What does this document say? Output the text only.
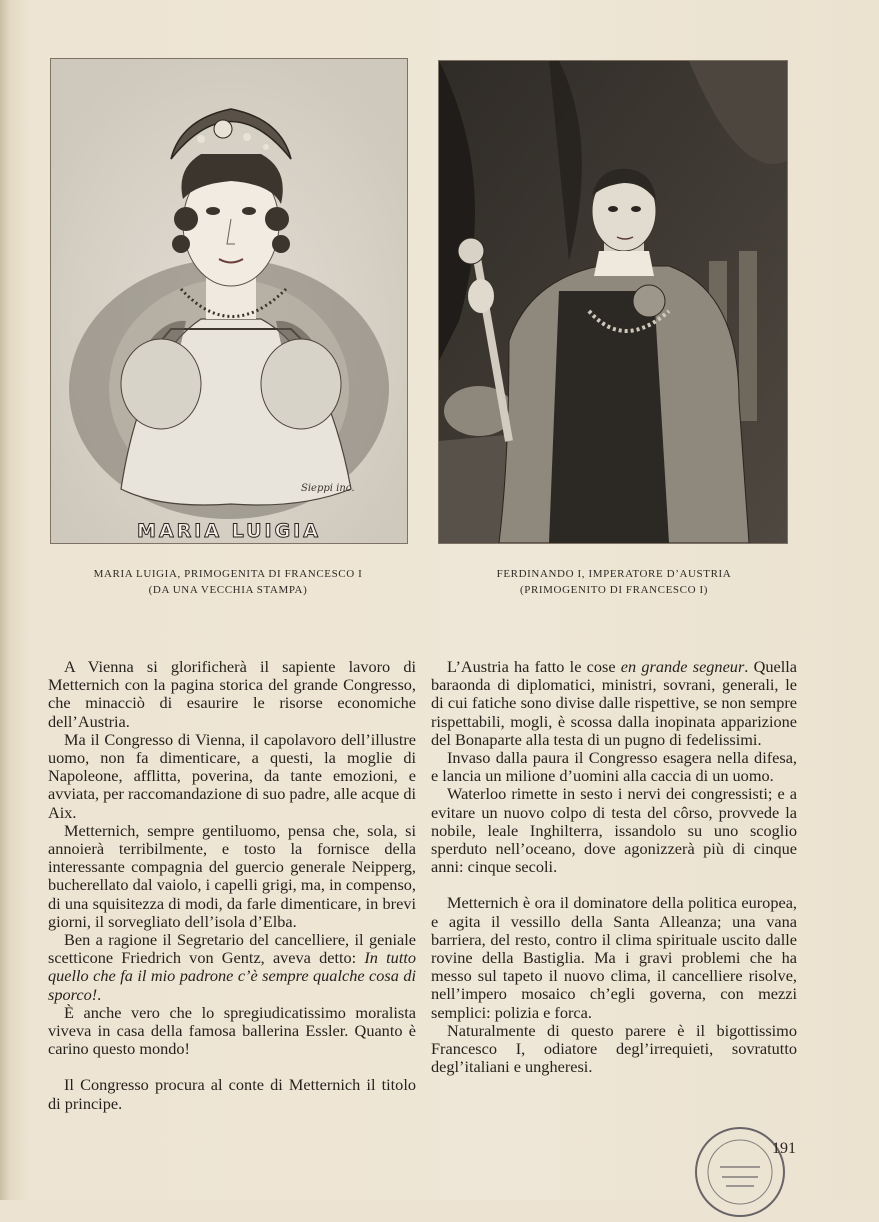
Sieppi inc.
MARIA LUIGIA
MARIA LUIGIA, PRIMOGENITA DI FRANCESCO I
(DA UNA VECCHIA STAMPA)
FERDINANDO I, IMPERATORE D’AUSTRIA
(PRIMOGENITO DI FRANCESCO I)

A Vienna si glorificherà il sapiente lavoro di Metternich con la pagina storica del grande Congresso, che minacciò di esaurire le risorse economiche dell’Austria.

Ma il Congresso di Vienna, il capolavoro dell’illustre uomo, non fa dimenticare, a questi, la moglie di Napoleone, afflitta, poverina, da tante emozioni, e avviata, per raccomandazione di suo padre, alle acque di Aix.

Metternich, sempre gentiluomo, pensa che, sola, si annoierà terribilmente, e tosto la fornisce della interessante compagnia del guercio generale Neipperg, bucherellato dal vaiolo, i capelli grigi, ma, in compenso, di una squisitezza di modi, da farle dimenticare, in brevi giorni, il sorvegliato dell’isola d’Elba.

Ben a ragione il Segretario del cancelliere, il geniale scetticone Friedrich von Gentz, aveva detto: In tutto quello che fa il mio padrone c’è sempre qualche cosa di sporco!.

È anche vero che lo spregiudicatissimo moralista viveva in casa della famosa ballerina Essler. Quanto è carino questo mondo!

Il Congresso procura al conte di Metternich il titolo di principe.

L’Austria ha fatto le cose en grande segneur. Quella baraonda di diplomatici, ministri, sovrani, generali, le di cui fatiche sono divise dalle rispettive, se non sempre rispettabili, mogli, è scossa dalla inopinata apparizione del Bonaparte alla testa di un pugno di fedelissimi.

Invaso dalla paura il Congresso esagera nella difesa, e lancia un milione d’uomini alla caccia di un uomo.

Waterloo rimette in sesto i nervi dei congressisti; e a evitare un nuovo colpo di testa del côrso, provvede la nobile, leale Inghilterra, issandolo su uno scoglio sperduto nell’oceano, dove agonizzerà più di cinque anni: cinque secoli.

Metternich è ora il dominatore della politica europea, e agita il vessillo della Santa Alleanza; una vana barriera, del resto, contro il clima spirituale uscito dalle rovine della Bastiglia. Ma i gravi problemi che ha messo sul tapeto il nuovo clima, il cancelliere risolve, nell’impero mosaico ch’egli governa, con mezzi semplici: polizia e forca.

Naturalmente di questo parere è il bigottissimo Francesco I, odiatore degl’irrequieti, sovratutto degl’italiani e ungheresi.

191
